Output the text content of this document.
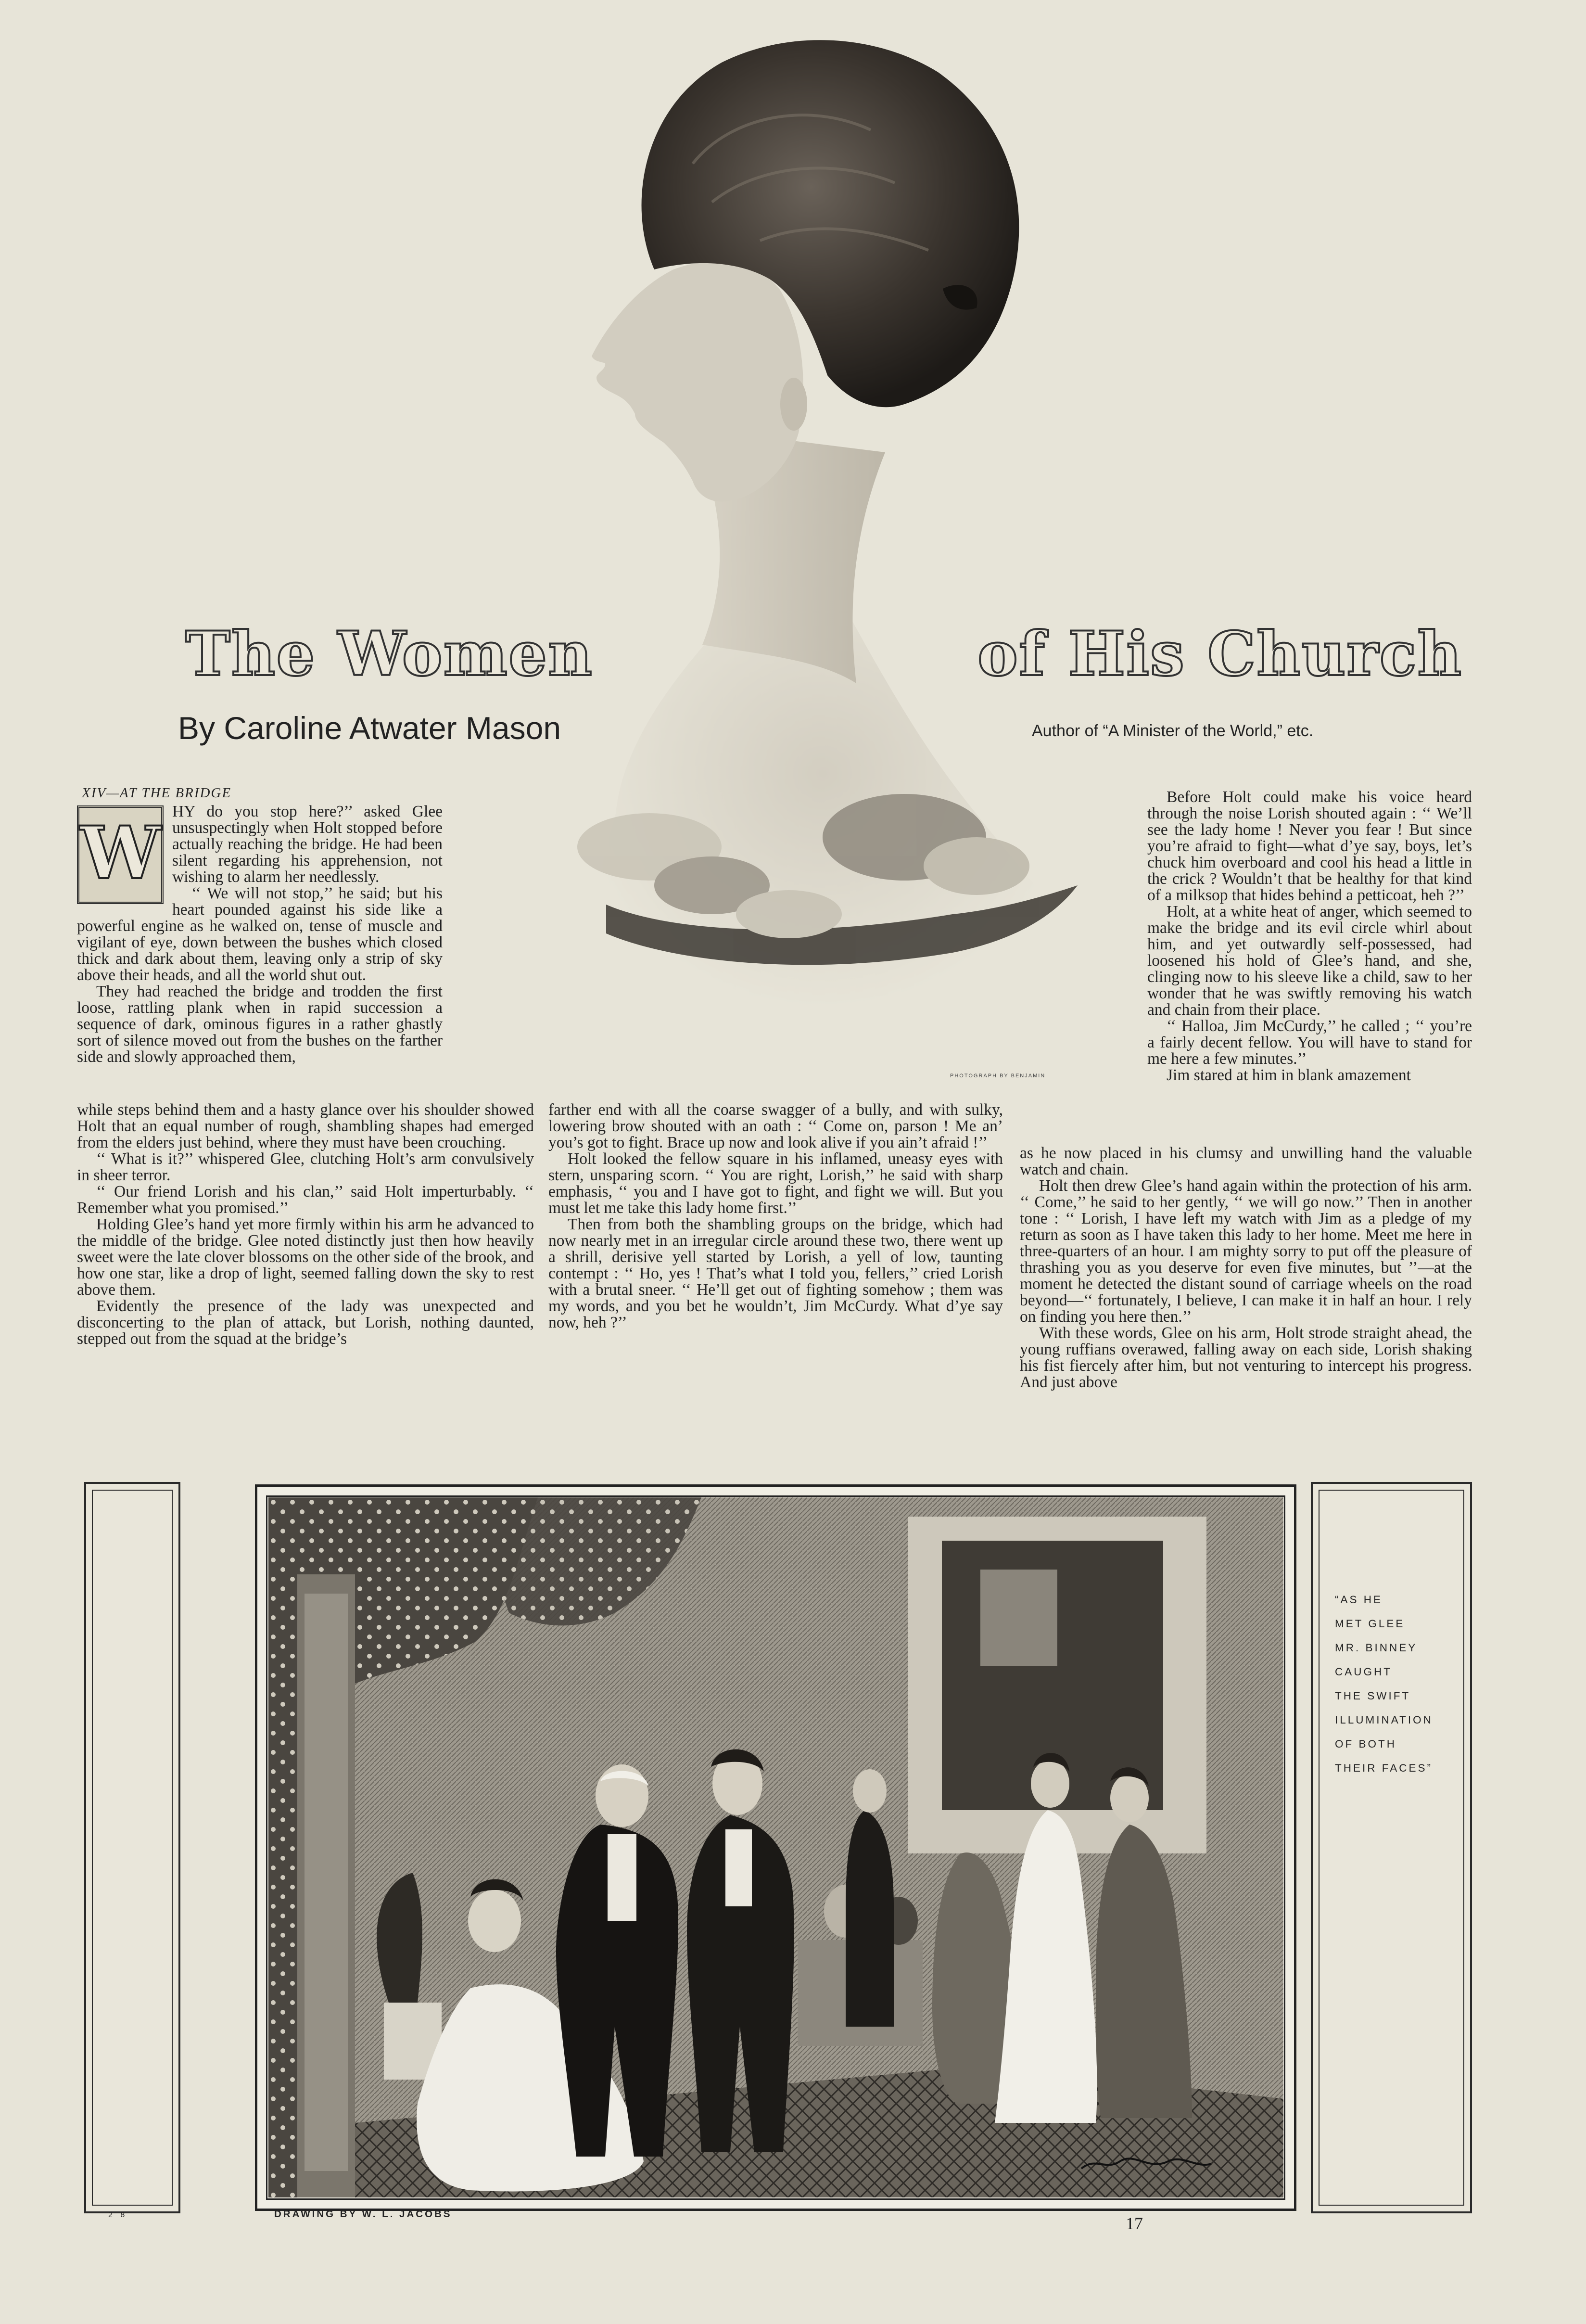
PHOTOGRAPH BY BENJAMIN
The Women	of His Church
By Caroline Atwater Mason	Author of “A Minister of the World,” etc.
XIV—AT THE BRIDGE
W HY do you stop here?’’ asked Glee unsuspectingly when Holt stopped before actually reaching the bridge. He had been silent regarding his apprehension, not wishing to alarm her needlessly.

‘‘ We will not stop,’’ he said; but his heart pounded against his side like a powerful engine as he walked on, tense of muscle and vigilant of eye, down between the bushes which closed thick and dark about them, leaving only a strip of sky above their heads, and all the world shut out.

They had reached the bridge and trodden the first loose, rattling plank when in rapid succession a sequence of dark, ominous figures in a rather ghastly sort of silence moved out from the bushes on the farther side and slowly approached them,

while steps behind them and a hasty glance over his shoulder showed Holt that an equal number of rough, shambling shapes had emerged from the elders just behind, where they must have been crouching.

‘‘ What is it?’’ whispered Glee, clutching Holt’s arm convulsively in sheer terror.

‘‘ Our friend Lorish and his clan,’’ said Holt imperturbably. ‘‘ Remember what you promised.’’

Holding Glee’s hand yet more firmly within his arm he advanced to the middle of the bridge. Glee noted distinctly just then how heavily sweet were the late clover blossoms on the other side of the brook, and how one star, like a drop of light, seemed falling down the sky to rest above them.

Evidently the presence of the lady was unexpected and disconcerting to the plan of attack, but Lorish, nothing daunted, stepped out from the squad at the bridge’s

farther end with all the coarse swagger of a bully, and with sulky, lowering brow shouted with an oath : ‘‘ Come on, parson ! Me an’ you’s got to fight. Brace up now and look alive if you ain’t afraid !’’

Holt looked the fellow square in his inflamed, uneasy eyes with stern, unsparing scorn. ‘‘ You are right, Lorish,’’ he said with sharp emphasis, ‘‘ you and I have got to fight, and fight we will. But you must let me take this lady home first.’’

Then from both the shambling groups on the bridge, which had now nearly met in an irregular circle around these two, there went up a shrill, derisive yell started by Lorish, a yell of low, taunting contempt : ‘‘ Ho, yes ! That’s what I told you, fellers,’’ cried Lorish with a brutal sneer. ‘‘ He’ll get out of fighting somehow ; them was my words, and you bet he wouldn’t, Jim McCurdy. What d’ye say now, heh ?’’

Before Holt could make his voice heard through the noise Lorish shouted again : ‘‘ We’ll see the lady home ! Never you fear ! But since you’re afraid to fight—what d’ye say, boys, let’s chuck him overboard and cool his head a little in the crick ? Wouldn’t that be healthy for that kind of a milksop that hides behind a petticoat, heh ?’’

Holt, at a white heat of anger, which seemed to make the bridge and its evil circle whirl about him, and yet outwardly self-possessed, had loosened his hold of Glee’s hand, and she, clinging now to his sleeve like a child, saw to her wonder that he was swiftly removing his watch and chain from their place.

‘‘ Halloa, Jim McCurdy,’’ he called ; ‘‘ you’re a fairly decent fellow. You will have to stand for me here a few minutes.’’

Jim stared at him in blank amazement

as he now placed in his clumsy and unwilling hand the valuable watch and chain.

Holt then drew Glee’s hand again within the protection of his arm. ‘‘ Come,’’ he said to her gently, ‘‘ we will go now.’’ Then in another tone : ‘‘ Lorish, I have left my watch with Jim as a pledge of my return as soon as I have taken this lady to her home. Meet me here in three-quarters of an hour. I am mighty sorry to put off the pleasure of thrashing you as you deserve for even five minutes, but ’’—at the moment he detected the distant sound of carriage wheels on the road beyond—‘‘ fortunately, I believe, I can make it in half an hour. I rely on finding you here then.’’

With these words, Glee on his arm, Holt strode straight ahead, the young ruffians overawed, falling away on each side, Lorish shaking his fist fiercely after him, but not venturing to intercept his progress. And just above

“AS HE
MET GLEE
MR. BINNEY
CAUGHT
THE SWIFT
ILLUMINATION
OF BOTH
THEIR FACES”
DRAWING BY W. L. JACOBS	17
2 8
